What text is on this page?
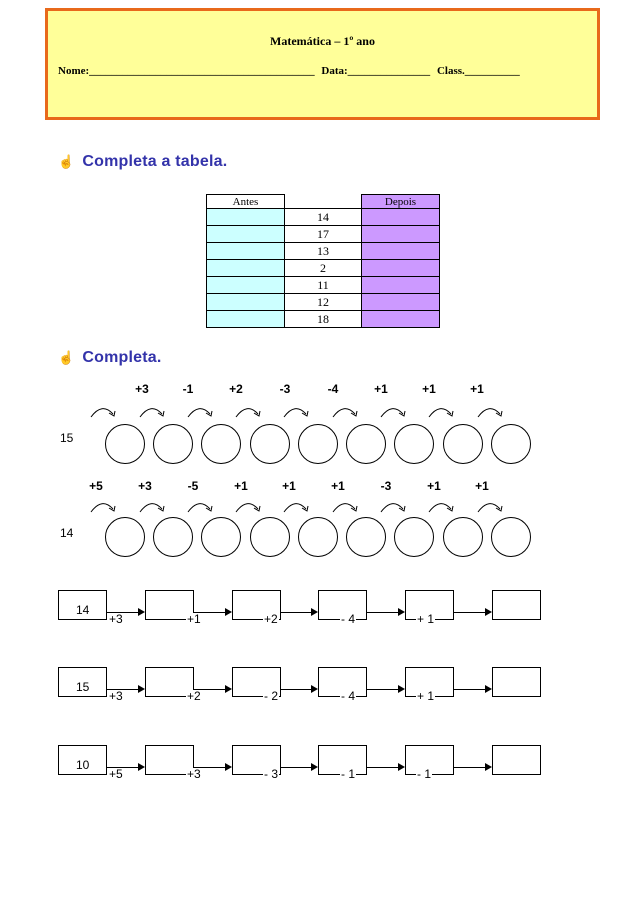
Matemática – 1º ano
Nome:_________________________________________ Data:_______________ Class.__________
☝ Completa a tabela.
Antes		Depois
	14	
	17	
	13	
	2	
	11	
	12	
	18	
☝ Completa.
15
+3	-1	+2	-3	-4	+1	+1	+1
14
+5	+3	-5	+1	+1	+1	-3	+1	+1
14
+3	+1	+2	- 4	+ 1
15
+3	+2	- 2	- 4	+ 1
10
+5	+3	- 3	- 1	- 1
